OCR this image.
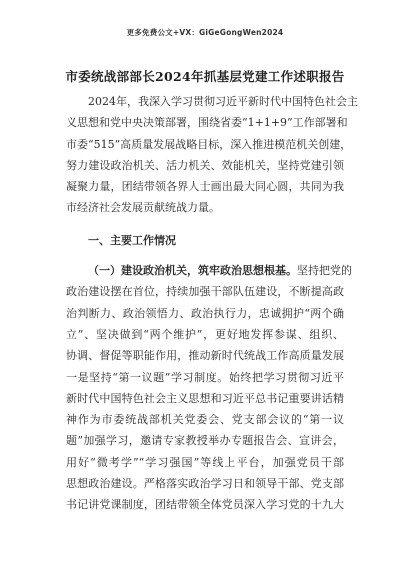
更多免费公文+VX：GiGeGongWen2024
市委统战部部长2024年抓基层党建工作述职报告
2024年，我深入学习贯彻习近平新时代中国特色社会主
义思想和党中央决策部署，围绕省委“1+1+9”工作部署和
市委“515”高质量发展战略目标，深入推进模范机关创建，
努力建设政治机关、活力机关、效能机关，坚持党建引领
凝聚力量，团结带领各界人士画出最大同心圆，共同为我
市经济社会发展贡献统战力量。
一、主要工作情况
（一）建设政治机关，筑牢政治思想根基。坚持把党的
政治建设摆在首位，持续加强干部队伍建设，不断提高政
治判断力、政治领悟力、政治执行力，忠诚拥护“两个确
立”、坚决做到“两个维护”，更好地发挥参谋、组织、
协调、督促等职能作用，推动新时代统战工作高质量发展
一是坚持“第一议题”学习制度。始终把学习贯彻习近平
新时代中国特色社会主义思想和习近平总书记重要讲话精
神作为市委统战部机关党委会、党支部会议的“第一议
题”加强学习，邀请专家教授举办专题报告会、宣讲会，
用好“微考学”“学习强国”等线上平台，加强党员干部
思想政治建设。严格落实政治学习日和领导干部、党支部
书记讲党课制度，团结带领全体党员深入学习党的十九大
